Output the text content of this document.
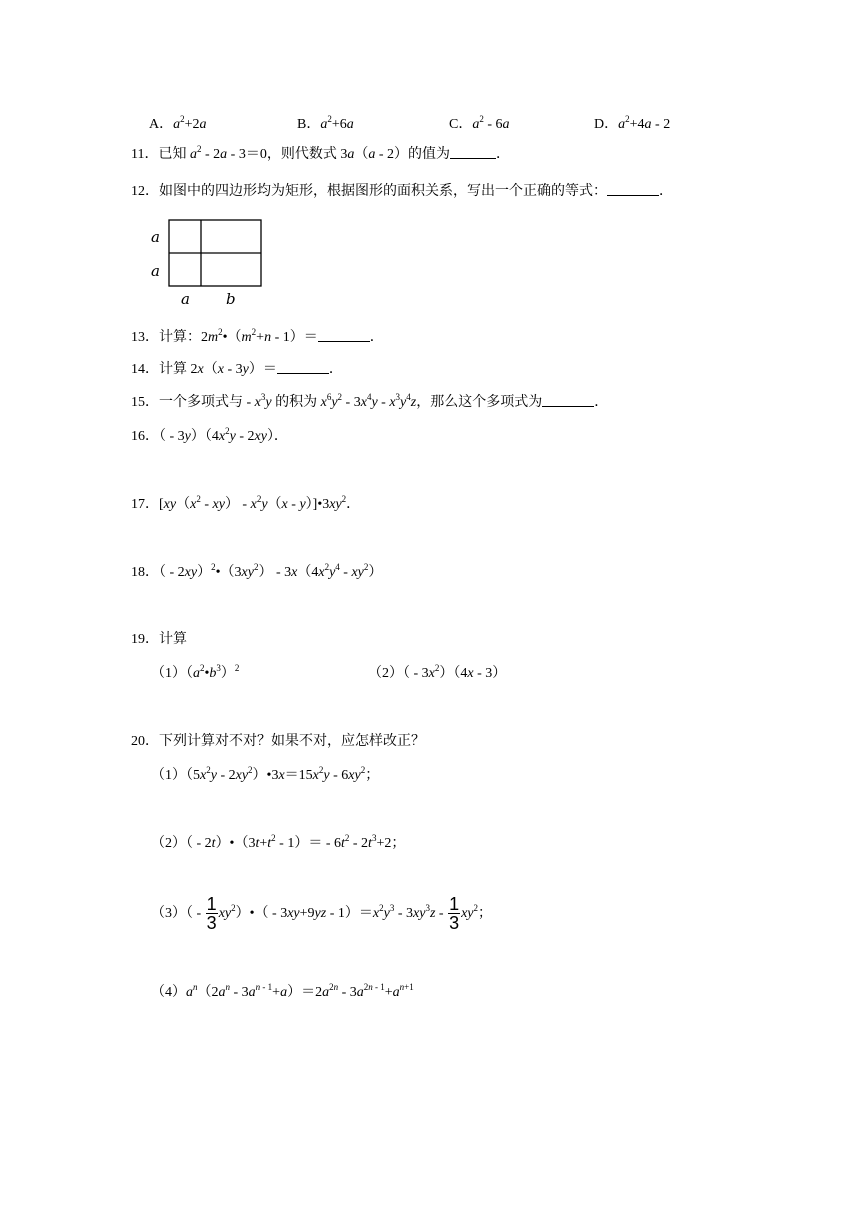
A．$a^2+2a$	B．$a^2+6a$	C．$a^2$ ‐ 6a	D．$a^2+4a$ ‐ 2
11．已知 $a^2$ ‐ 2a ‐ 3＝0，则代数式 3a（a ‐ 2）的值为	．
12．如图中的四边形均为矩形，根据图形的面积关系，写出一个正确的等式：	．
a
a
a b
13．计算：$2m^2•(m^2+n$ ‐ 1）＝	．
14．计算 2x（x ‐ 3y）＝	．
15．一个多项式与 ‐ $x^3y$ 的积为 $x^6y^2$ ‐ $3x^4y$ ‐ $x^3y^4z$，那么这个多项式为	．
16．（ ‐ $3y)(4x^2y$ ‐ 2xy）．
17．[$xy(x^2$ ‐ xy） ‐ $x^2y(x$ ‐ $y)]•3xy^2$．
18．（ ‐ $2xy)^2•(3xy^2)$ ‐ $3x(4x^2y^4$ ‐ $xy^2$）
19．计算
$(1)(a^2•b^3)^2$	（2）（ ‐ $3x^2)(4x$ ‐ 3）
20．下列计算对不对？如果不对，应怎样改正？
$(1)(5x^2y$ ‐ $2xy^2)•3x=15x^2y$ ‐ $6xy^2$；
（2）（ ‐ $2t)•(3t+t^2$ ‐ 1）＝ ‐ $6t^2$ ‐ $2t^3+2$；
（3）（ ‐ $\frac{1}{3}$ $xy^2)•$（ ‐ 3xy+9yz ‐ $1)=x^2y^3$ ‐ $3xy^3z$ ‐ $\frac{1}{3} xy^2$；
$(4)a^n(2a^n$ ‐ $3a^{n ‐ 1}+a)=2a^{2n}$ ‐ $3a^{2n ‐ 1}+a^{n+1}$
